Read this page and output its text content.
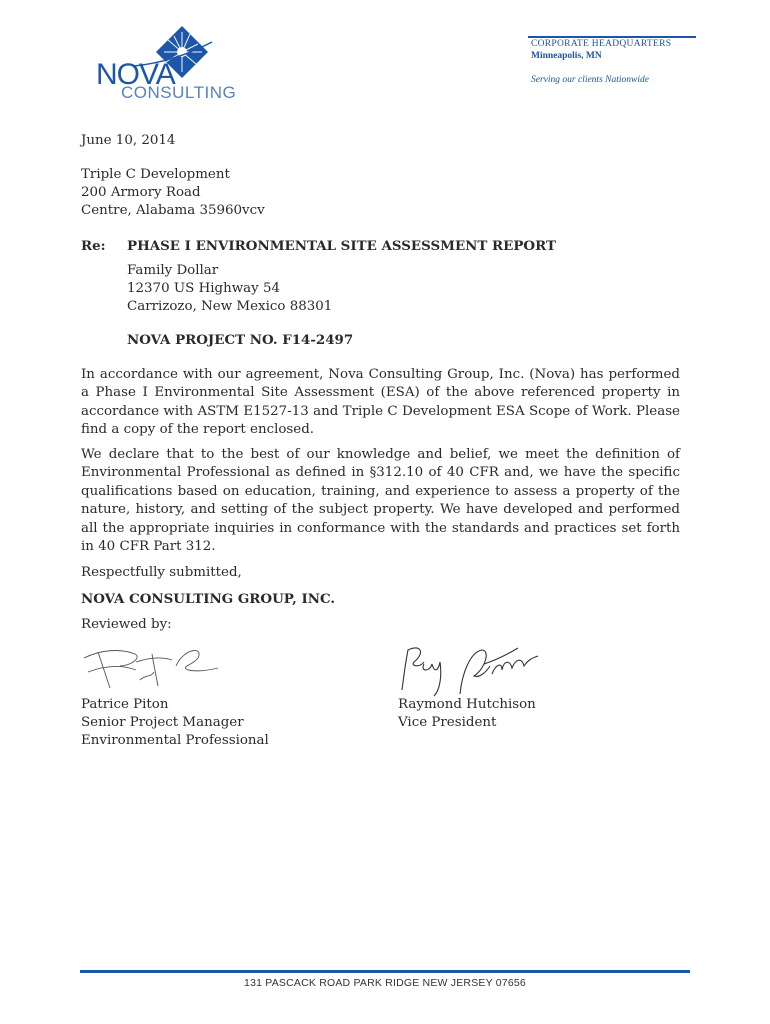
NOVA
CONSULTING
CORPORATE HEADQUARTERS
Minneapolis, MN
Serving our clients Nationwide
June 10, 2014
Triple C Development
200 Armory Road
Centre, Alabama 35960vcv
Re: PHASE I ENVIRONMENTAL SITE ASSESSMENT REPORT
Family Dollar
12370 US Highway 54
Carrizozo, New Mexico 88301
NOVA PROJECT NO. F14-2497
In accordance with our agreement, Nova Consulting Group, Inc. (Nova) has performed a Phase I Environmental Site Assessment (ESA) of the above referenced property in accordance with ASTM E1527-13 and Triple C Development ESA Scope of Work. Please find a copy of the report enclosed.
We declare that to the best of our knowledge and belief, we meet the definition of Environmental Professional as defined in §312.10 of 40 CFR and, we have the specific qualifications based on education, training, and experience to assess a property of the nature, history, and setting of the subject property. We have developed and performed all the appropriate inquiries in conformance with the standards and practices set forth in 40 CFR Part 312.
Respectfully submitted,
NOVA CONSULTING GROUP, INC.
Reviewed by:
Patrice Piton
Senior Project Manager
Environmental Professional
Raymond Hutchison
Vice President
131 PASCACK ROAD PARK RIDGE NEW JERSEY 07656
